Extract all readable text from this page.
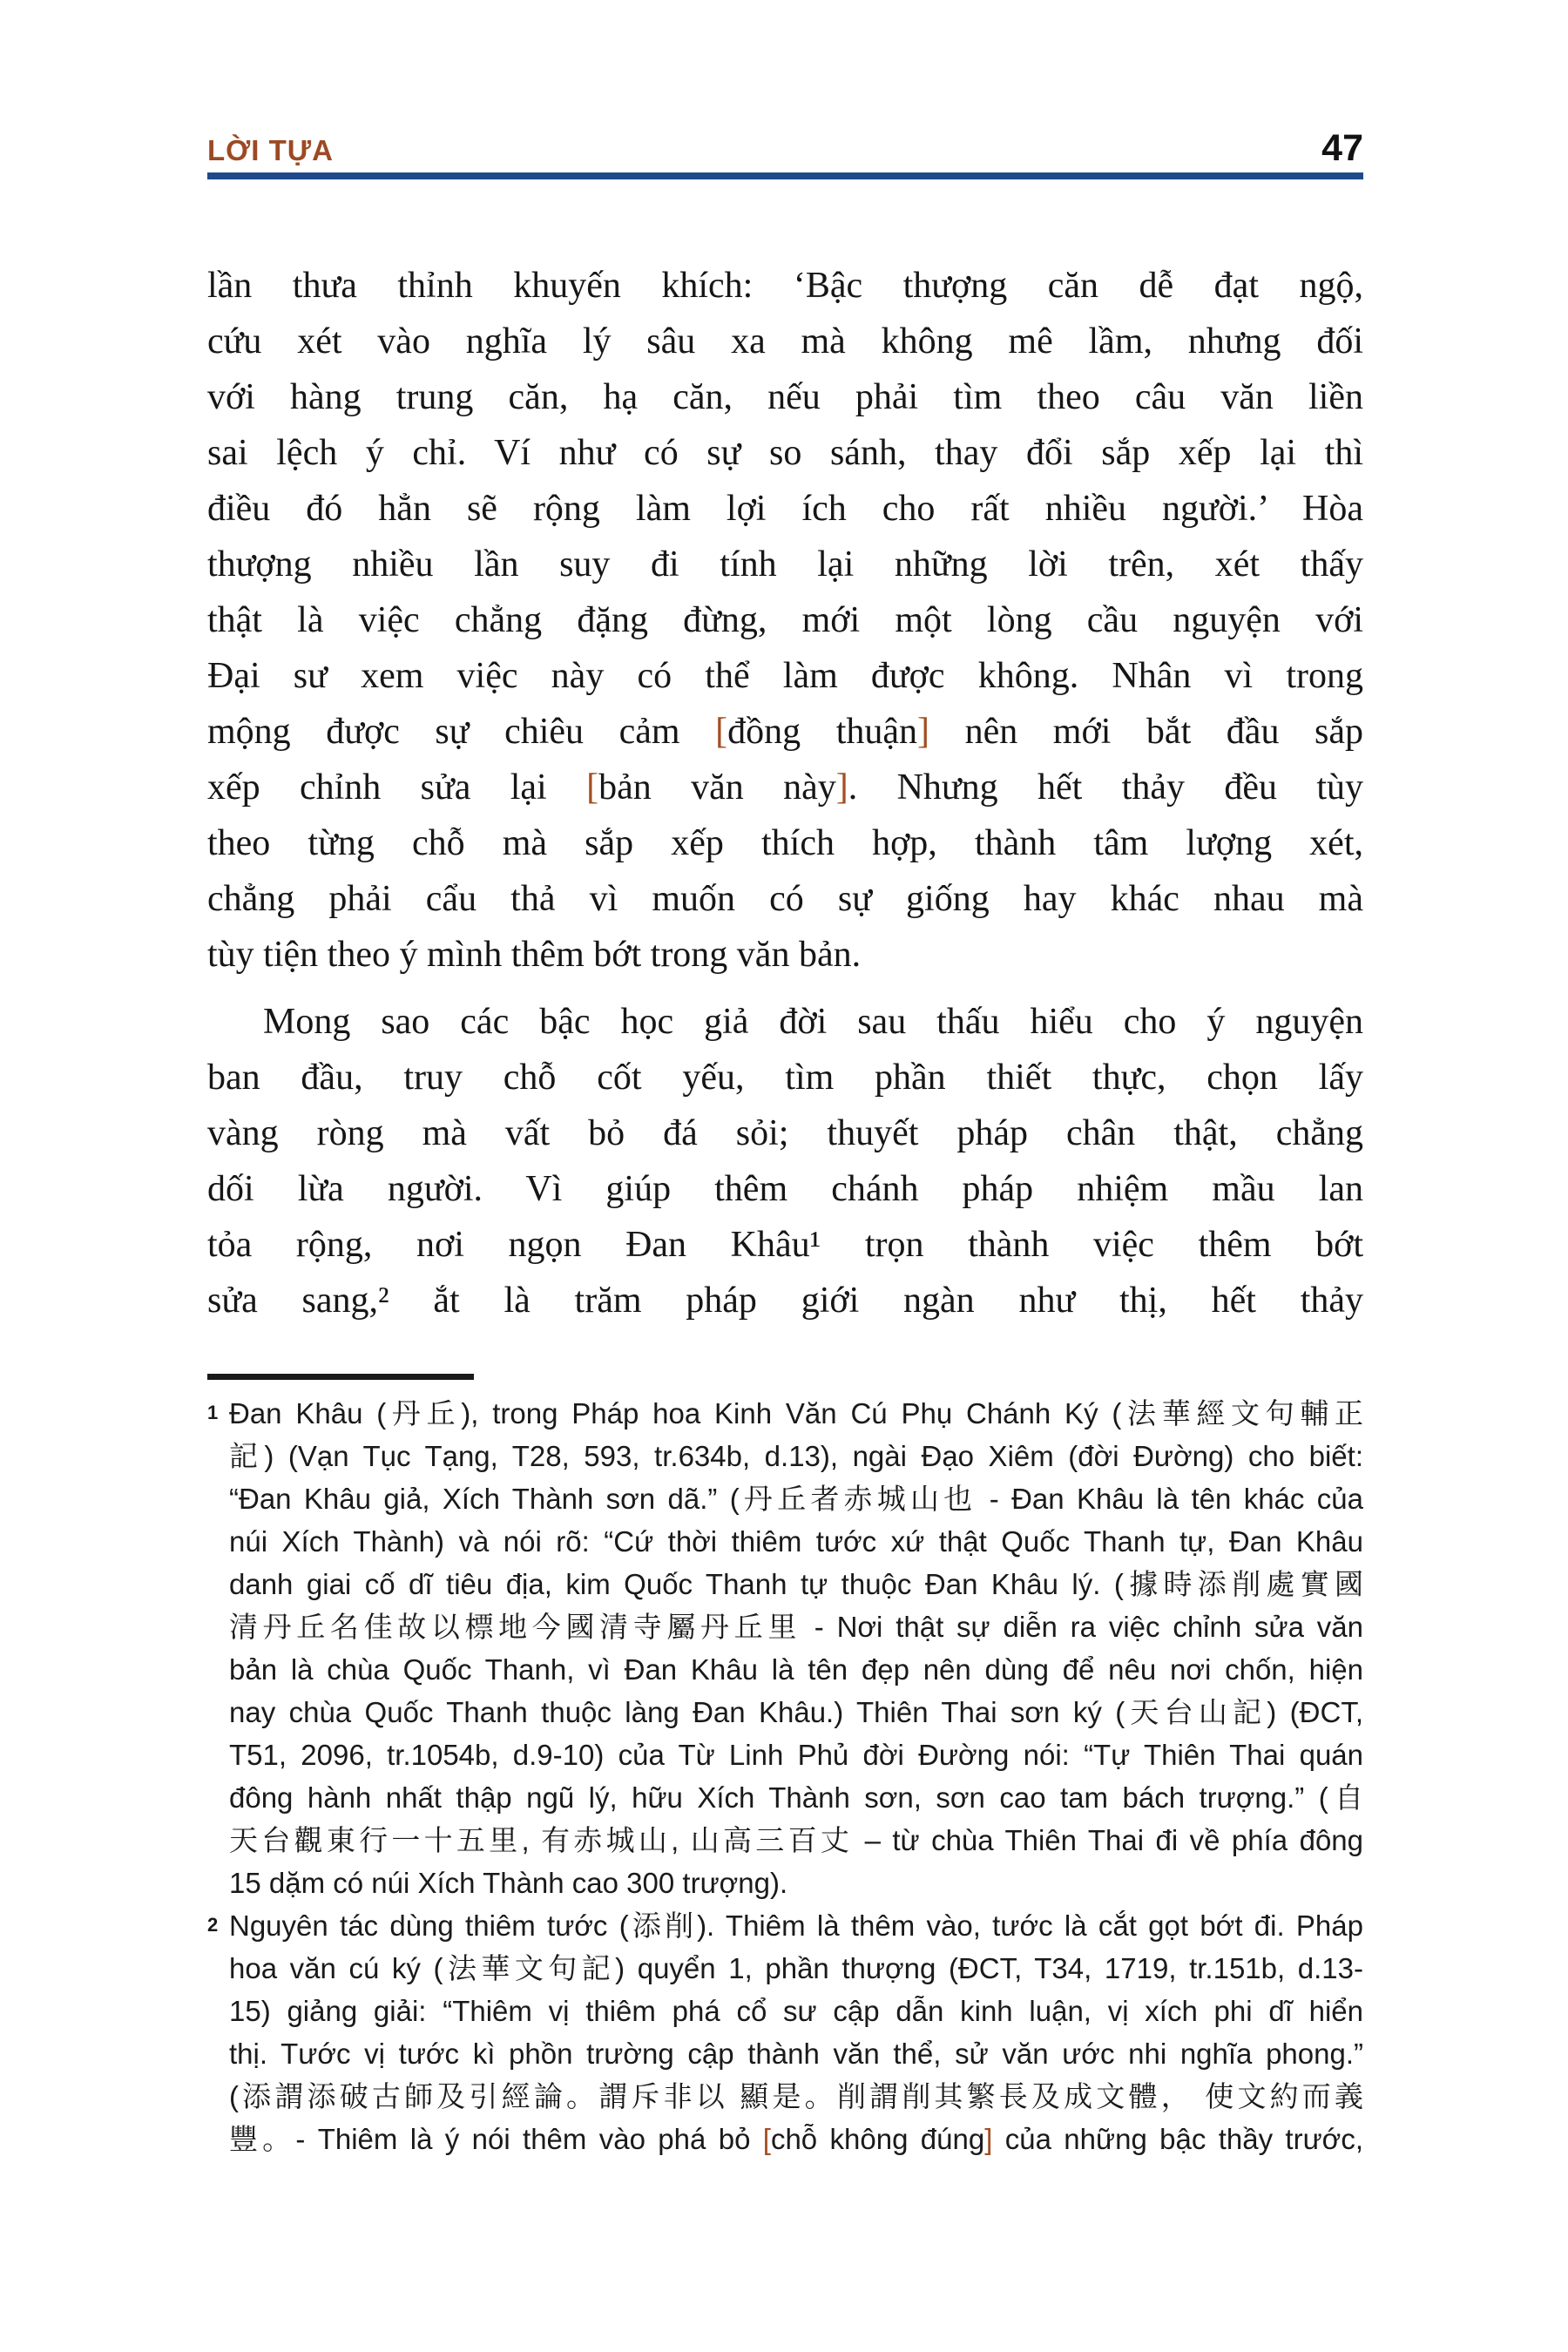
LỜI TỰA	47
lần thưa thỉnh khuyến khích: ‘Bậc thượng căn dễ đạt ngộ,
cứu xét vào nghĩa lý sâu xa mà không mê lầm, nhưng đối
với hàng trung căn, hạ căn, nếu phải tìm theo câu văn liền
sai lệch ý chỉ. Ví như có sự so sánh, thay đổi sắp xếp lại thì
điều đó hẳn sẽ rộng làm lợi ích cho rất nhiều người.’ Hòa
thượng nhiều lần suy đi tính lại những lời trên, xét thấy
thật là việc chẳng đặng đừng, mới một lòng cầu nguyện với
Đại sư xem việc này có thể làm được không. Nhân vì trong
mộng được sự chiêu cảm [đồng thuận] nên mới bắt đầu sắp
xếp chỉnh sửa lại [bản văn này]. Nhưng hết thảy đều tùy
theo từng chỗ mà sắp xếp thích hợp, thành tâm lượng xét,
chẳng phải cẩu thả vì muốn có sự giống hay khác nhau mà
tùy tiện theo ý mình thêm bớt trong văn bản.
Mong sao các bậc học giả đời sau thấu hiểu cho ý nguyện
ban đầu, truy chỗ cốt yếu, tìm phần thiết thực, chọn lấy
vàng ròng mà vất bỏ đá sỏi; thuyết pháp chân thật, chẳng
dối lừa người. Vì giúp thêm chánh pháp nhiệm mầu lan
tỏa rộng, nơi ngọn Đan Khâu¹ trọn thành việc thêm bớt
sửa sang,² ắt là trăm pháp giới ngàn như thị, hết thảy
1 Đan Khâu (丹丘), trong Pháp hoa Kinh Văn Cú Phụ Chánh Ký (法華經文句輔正
記) (Vạn Tục Tạng, T28, 593, tr.634b, d.13), ngài Đạo Xiêm (đời Đường) cho biết:
“Đan Khâu giả, Xích Thành sơn dã.” (丹丘者赤城山也 - Đan Khâu là tên khác của
núi Xích Thành) và nói rõ: “Cứ thời thiêm tước xứ thật Quốc Thanh tự, Đan Khâu
danh giai cố dĩ tiêu địa, kim Quốc Thanh tự thuộc Đan Khâu lý. (據時添削處實國
清丹丘名佳故以標地今國清寺屬丹丘里 - Nơi thật sự diễn ra việc chỉnh sửa văn
bản là chùa Quốc Thanh, vì Đan Khâu là tên đẹp nên dùng để nêu nơi chốn, hiện
nay chùa Quốc Thanh thuộc làng Đan Khâu.) Thiên Thai sơn ký (天台山記) (ĐCT,
T51, 2096, tr.1054b, d.9-10) của Từ Linh Phủ đời Đường nói: “Tự Thiên Thai quán
đông hành nhất thập ngũ lý, hữu Xích Thành sơn, sơn cao tam bách trượng.” (自
天台觀東行一十五里, 有赤城山, 山高三百丈 – từ chùa Thiên Thai đi về phía đông
15 dặm có núi Xích Thành cao 300 trượng).
2 Nguyên tác dùng thiêm tước (添削). Thiêm là thêm vào, tước là cắt gọt bớt đi. Pháp
hoa văn cú ký (法華文句記) quyển 1, phần thượng (ĐCT, T34, 1719, tr.151b, d.13-
15) giảng giải: “Thiêm vị thiêm phá cổ sư cập dẫn kinh luận, vị xích phi dĩ hiển
thị. Tước vị tước kì phồn trường cập thành văn thể, sử văn ước nhi nghĩa phong.”
(添謂添破古師及引經論。謂斥非以 顯是。削謂削其繁長及成文體， 使文約而義
豐。- Thiêm là ý nói thêm vào phá bỏ [chỗ không đúng] của những bậc thầy trước,
